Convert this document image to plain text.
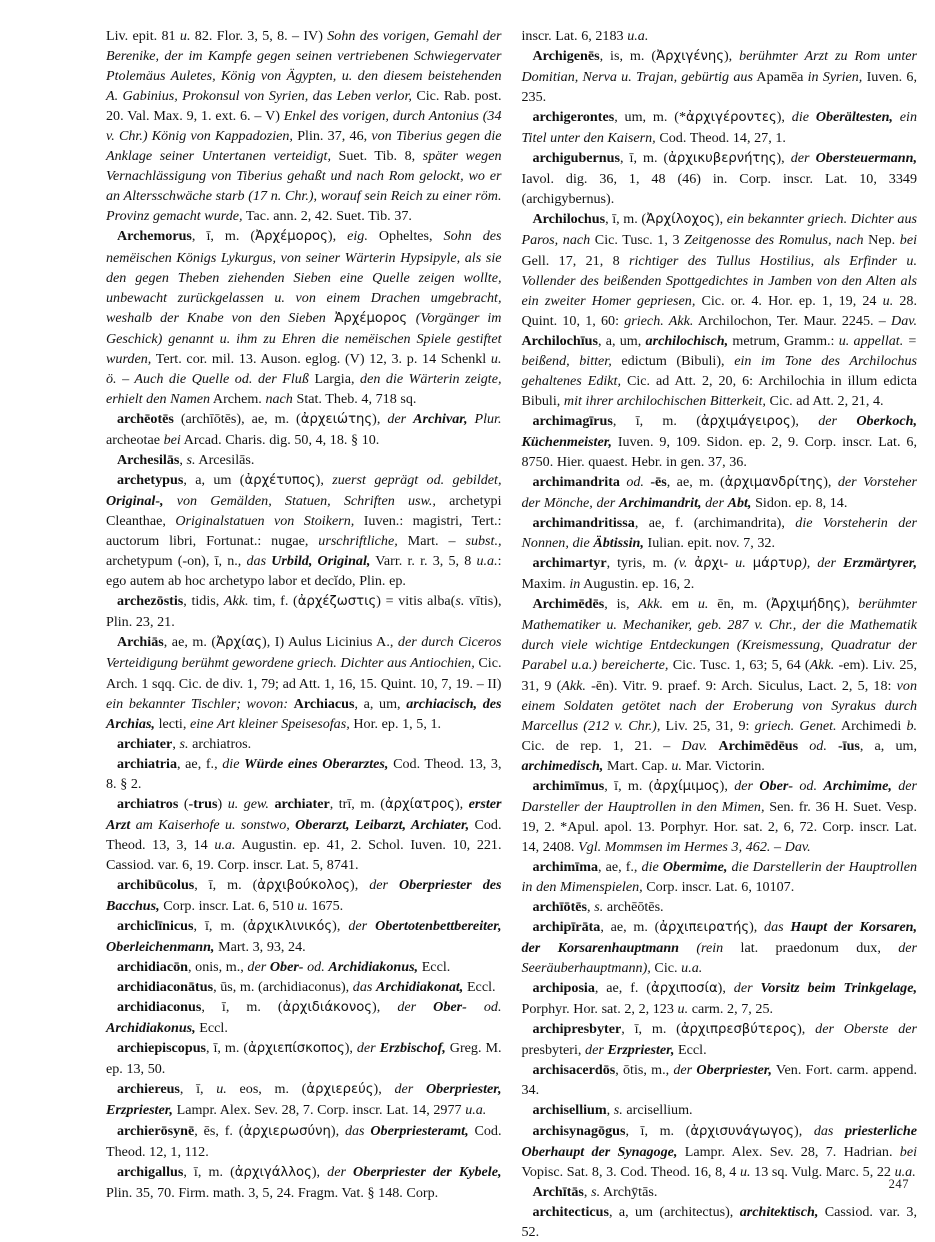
Liv. epit. 81 u. 82. Flor. 3, 5, 8. – IV) Sohn des vorigen, Gemahl der Berenike, der im Kampfe gegen seinen vertriebenen Schwiegervater Ptolemäus Auletes, König von Ägypten, u. den diesem beistehenden A. Gabinius, Prokonsul von Syrien, das Leben verlor, Cic. Rab. post. 20. Val. Max. 9, 1. ext. 6. – V) Enkel des vorigen, durch Antonius (34 v. Chr.) König von Kappadozien, Plin. 37, 46, von Tiberius gegen die Anklage seiner Untertanen verteidigt, Suet. Tib. 8, später wegen Vernachlässigung von Tiberius gehaßt und nach Rom gelockt, wo er an Altersschwäche starb (17 n. Chr.), worauf sein Reich zu einer röm. Provinz gemacht wurde, Tac. ann. 2, 42. Suet. Tib. 37.

Archemorus, ī, m. (Ἀρχέμορος), eig. Opheltes, Sohn des nemëischen Königs Lykurgus, von seiner Wärterin Hypsipyle, als sie den gegen Theben ziehenden Sieben eine Quelle zeigen wollte, unbewacht zurückgelassen u. von einem Drachen umgebracht, weshalb der Knabe von den Sieben Ἀρχέμορος (Vorgänger im Geschick) genannt u. ihm zu Ehren die nemëischen Spiele gestiftet wurden, Tert. cor. mil. 13. Auson. eglog. (V) 12, 3. p. 14 Schenkl u. ö. – Auch die Quelle od. der Fluß Largia, den die Wärterin zeigte, erhielt den Namen Archem. nach Stat. Theb. 4, 718 sq.

archēotēs (archīōtēs), ae, m. (ἀρχειώτης), der Archivar, Plur. archeotae bei Arcad. Charis. dig. 50, 4, 18. § 10.

Archesilās, s. Arcesilās.

archetypus, a, um (ἀρχέτυπος), zuerst geprägt od. gebildet, Original-, von Gemälden, Statuen, Schriften usw., archetypi Cleanthae, Originalstatuen von Stoikern, Iuven.: magistri, Tert.: auctorum libri, Fortunat.: nugae, urschriftliche, Mart. – subst., archetypum (-on), ī, n., das Urbild, Original, Varr. r. r. 3, 5, 8 u.a.: ego autem ab hoc archetypo labor et decĭdo, Plin. ep.

archezōstis, tidis, Akk. tim, f. (ἀρχέζωστις) = vitis alba(s. vītis), Plin. 23, 21.

Archiās, ae, m. (Ἀρχίας), I) Aulus Licinius A., der durch Ciceros Verteidigung berühmt gewordene griech. Dichter aus Antiochien, Cic. Arch. 1 sqq. Cic. de div. 1, 79; ad Att. 1, 16, 15. Quint. 10, 7, 19. – II) ein bekannter Tischler; wovon: Archiacus, a, um, archiacisch, des Archias, lecti, eine Art kleiner Speisesofas, Hor. ep. 1, 5, 1.

archiater, s. archiatros.

archiatria, ae, f., die Würde eines Oberarztes, Cod. Theod. 13, 3, 8. § 2.

archiatros (-trus) u. gew. archiater, trī, m. (ἀρχίατρος), erster Arzt am Kaiserhofe u. sonstwo, Oberarzt, Leibarzt, Archiater, Cod. Theod. 13, 3, 14 u.a. Augustin. ep. 41, 2. Schol. Iuven. 10, 221. Cassiod. var. 6, 19. Corp. inscr. Lat. 5, 8741.

archibūcolus, ī, m. (ἀρχιβούκολος), der Oberpriester des Bacchus, Corp. inscr. Lat. 6, 510 u. 1675.

archiclīnicus, ī, m. (ἀρχικλινικός), der Obertotenbettbereiter, Oberleichenmann, Mart. 3, 93, 24.

archidiacōn, onis, m., der Ober- od. Archidiakonus, Eccl.

archidiaconātus, ūs, m. (archidiaconus), das Archidiakonat, Eccl.

archidiaconus, ī, m. (ἀρχιδιάκονος), der Ober- od. Archidiakonus, Eccl.

archiepiscopus, ī, m. (ἀρχιεπίσκοπος), der Erzbischof, Greg. M. ep. 13, 50.

archiereus, ī, u. eos, m. (ἀρχιερεύς), der Oberpriester, Erzpriester, Lampr. Alex. Sev. 28, 7. Corp. inscr. Lat. 14, 2977 u.a.

archierōsynē, ēs, f. (ἀρχιερωσύνη), das Oberpriesteramt, Cod. Theod. 12, 1, 112.

archigallus, ī, m. (ἀρχιγάλλος), der Oberpriester der Kybele, Plin. 35, 70. Firm. math. 3, 5, 24. Fragm. Vat. § 148. Corp.

inscr. Lat. 6, 2183 u.a.

Archigenēs, is, m. (Ἀρχιγένης), berühmter Arzt zu Rom unter Domitian, Nerva u. Trajan, gebürtig aus Apamēa in Syrien, Iuven. 6, 235.

archigerontes, um, m. (*ἀρχιγέροντες), die Oberältesten, ein Titel unter den Kaisern, Cod. Theod. 14, 27, 1.

archigubernus, ī, m. (ἀρχικυβερνήτης), der Obersteuermann, Iavol. dig. 36, 1, 48 (46) in. Corp. inscr. Lat. 10, 3349 (archigybernus).

Archilochus, ī, m. (Ἀρχίλοχος), ein bekannter griech. Dichter aus Paros, nach Cic. Tusc. 1, 3 Zeitgenosse des Romulus, nach Nep. bei Gell. 17, 21, 8 richtiger des Tullus Hostilius, als Erfinder u. Vollender des beißenden Spottgedichtes in Jamben von den Alten als ein zweiter Homer gepriesen, Cic. or. 4. Hor. ep. 1, 19, 24 u. 28. Quint. 10, 1, 60: griech. Akk. Archilochon, Ter. Maur. 2245. – Dav. Archilochīus, a, um, archilochisch, metrum, Gramm.: u. appellat. = beißend, bitter, edictum (Bibuli), ein im Tone des Archilochus gehaltenes Edikt, Cic. ad Att. 2, 20, 6: Archilochia in illum edicta Bibuli, mit ihrer archilochischen Bitterkeit, Cic. ad Att. 2, 21, 4.

archimagīrus, ī, m. (ἀρχιμάγειρος), der Oberkoch, Küchenmeister, Iuven. 9, 109. Sidon. ep. 2, 9. Corp. inscr. Lat. 6, 8750. Hier. quaest. Hebr. in gen. 37, 36.

archimandrita od. -ēs, ae, m. (ἀρχιμανδρίτης), der Vorsteher der Mönche, der Archimandrit, der Abt, Sidon. ep. 8, 14.

archimandritissa, ae, f. (archimandrita), die Vorsteherin der Nonnen, die Äbtissin, Iulian. epit. nov. 7, 32.

archimartyr, tyris, m. (v. ἀρχι- u. μάρτυρ), der Erzmärtyrer, Maxim. in Augustin. ep. 16, 2.

Archimēdēs, is, Akk. em u. ēn, m. (Ἀρχιμήδης), berühmter Mathematiker u. Mechaniker, geb. 287 v. Chr., der die Mathematik durch viele wichtige Entdeckungen (Kreismessung, Quadratur der Parabel u.a.) bereicherte, Cic. Tusc. 1, 63; 5, 64 (Akk. -em). Liv. 25, 31, 9 (Akk. -ēn). Vitr. 9. praef. 9: Arch. Siculus, Lact. 2, 5, 18: von einem Soldaten getötet nach der Eroberung von Syrakus durch Marcellus (212 v. Chr.), Liv. 25, 31, 9: griech. Genet. Archimedi b. Cic. de rep. 1, 21. – Dav. Archimēdēus od. -īus, a, um, archimedisch, Mart. Cap. u. Mar. Victorin.

archimīmus, ī, m. (ἀρχίμιμος), der Ober- od. Archimime, der Darsteller der Hauptrollen in den Mimen, Sen. fr. 36 H. Suet. Vesp. 19, 2. *Apul. apol. 13. Porphyr. Hor. sat. 2, 6, 72. Corp. inscr. Lat. 14, 2408. Vgl. Mommsen im Hermes 3, 462. – Dav.

archimīma, ae, f., die Obermime, die Darstellerin der Hauptrollen in den Mimenspielen, Corp. inscr. Lat. 6, 10107.

archīōtēs, s. archēōtēs.

archipīrāta, ae, m. (ἀρχιπειρατής), das Haupt der Korsaren, der Korsarenhauptmann (rein lat. praedonum dux, der Seeräuberhauptmann), Cic. u.a.

archiposia, ae, f. (ἀρχιποσία), der Vorsitz beim Trinkgelage, Porphyr. Hor. sat. 2, 2, 123 u. carm. 2, 7, 25.

archipresbyter, ī, m. (ἀρχιπρεσβύτερος), der Oberste der presbyteri, der Erzpriester, Eccl.

archisacerdōs, ōtis, m., der Oberpriester, Ven. Fort. carm. append. 34.

archisellium, s. arcisellium.

archisynagōgus, ī, m. (ἀρχισυνάγωγος), das priesterliche Oberhaupt der Synagoge, Lampr. Alex. Sev. 28, 7. Hadrian. bei Vopisc. Sat. 8, 3. Cod. Theod. 16, 8, 4 u. 13 sq. Vulg. Marc. 5, 22 u.a.

Archītās, s. Archȳtās.

architecticus, a, um (architectus), architektisch, Cassiod. var. 3, 52.

247
